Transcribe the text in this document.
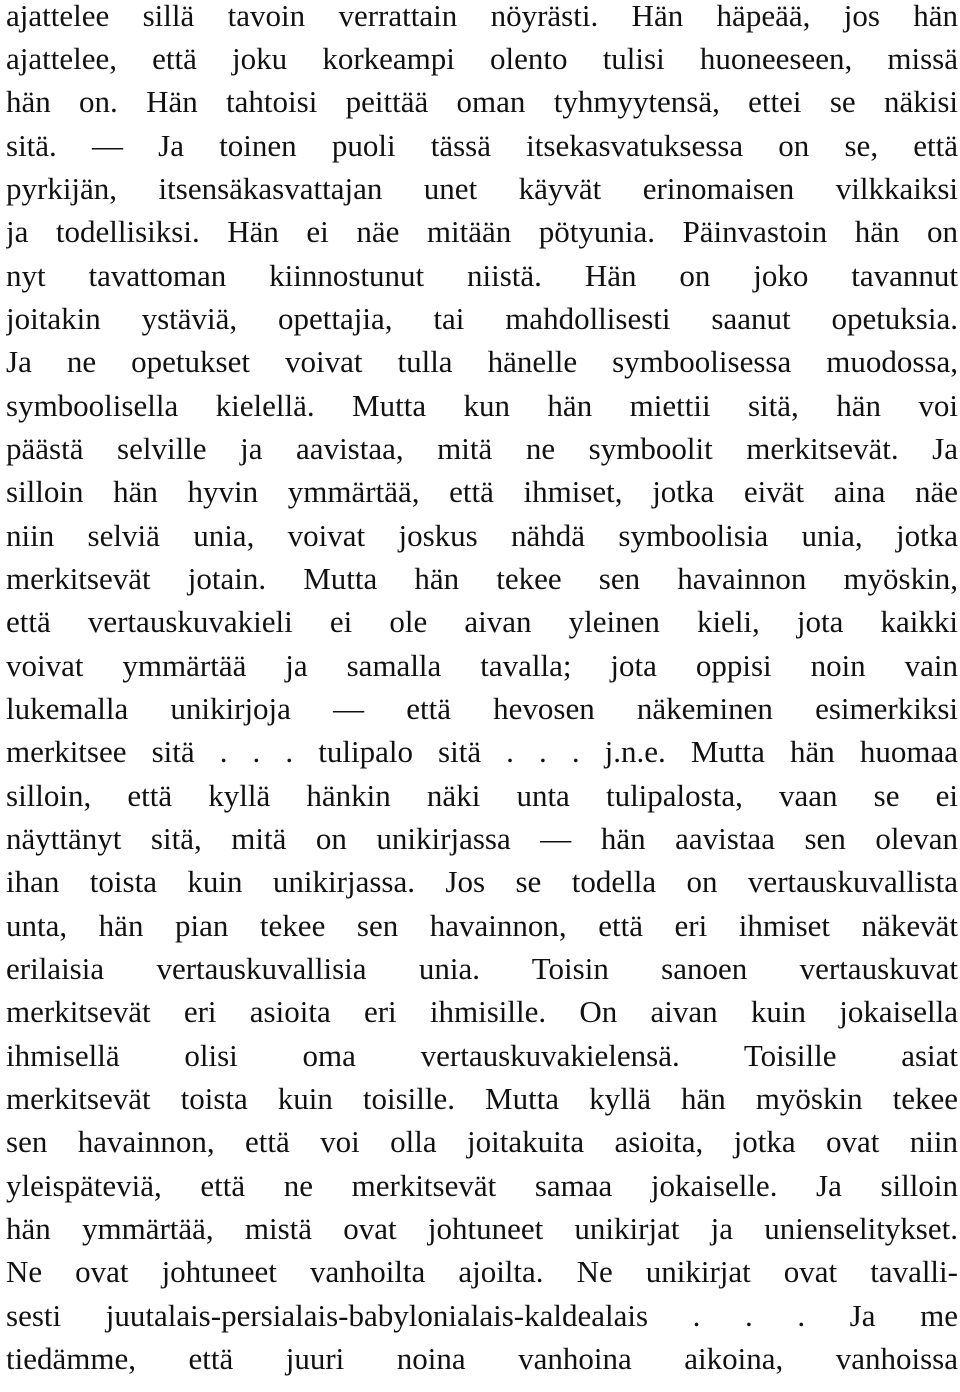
ajattelee sillä tavoin verrattain nöyrästi. Hän häpeää, jos hän
ajattelee, että joku korkeampi olento tulisi huoneeseen, missä
hän on. Hän tahtoisi peittää oman tyhmyytensä, ettei se näkisi
sitä. — Ja toinen puoli tässä itsekasvatuksessa on se, että
pyrkijän, itsensäkasvattajan unet käyvät erinomaisen vilkkaiksi
ja todellisiksi. Hän ei näe mitään pötyunia. Päinvastoin hän on
nyt tavattoman kiinnostunut niistä. Hän on joko tavannut
joitakin ystäviä, opettajia, tai mahdollisesti saanut opetuksia.
Ja ne opetukset voivat tulla hänelle symboolisessa muodossa,
symboolisella kielellä. Mutta kun hän miettii sitä, hän voi
päästä selville ja aavistaa, mitä ne symboolit merkitsevät. Ja
silloin hän hyvin ymmärtää, että ihmiset, jotka eivät aina näe
niin selviä unia, voivat joskus nähdä symboolisia unia, jotka
merkitsevät jotain. Mutta hän tekee sen havainnon myöskin,
että vertauskuvakieli ei ole aivan yleinen kieli, jota kaikki
voivat ymmärtää ja samalla tavalla; jota oppisi noin vain
lukemalla unikirjoja — että hevosen näkeminen esimerkiksi
merkitsee sitä . . . tulipalo sitä . . . j.n.e. Mutta hän huomaa
silloin, että kyllä hänkin näki unta tulipalosta, vaan se ei
näyttänyt sitä, mitä on unikirjassa — hän aavistaa sen olevan
ihan toista kuin unikirjassa. Jos se todella on vertauskuvallista
unta, hän pian tekee sen havainnon, että eri ihmiset näkevät
erilaisia vertauskuvallisia unia. Toisin sanoen vertauskuvat
merkitsevät eri asioita eri ihmisille. On aivan kuin jokaisella
ihmisellä olisi oma vertauskuvakielensä. Toisille asiat
merkitsevät toista kuin toisille. Mutta kyllä hän myöskin tekee
sen havainnon, että voi olla joitakuita asioita, jotka ovat niin
yleispäteviä, että ne merkitsevät samaa jokaiselle. Ja silloin
hän ymmärtää, mistä ovat johtuneet unikirjat ja unienselitykset.
Ne ovat johtuneet vanhoilta ajoilta. Ne unikirjat ovat tavalli-
sesti juutalais-persialais-babylonialais-kaldealais . . . Ja me
tiedämme, että juuri noina vanhoina aikoina, vanhoissa
